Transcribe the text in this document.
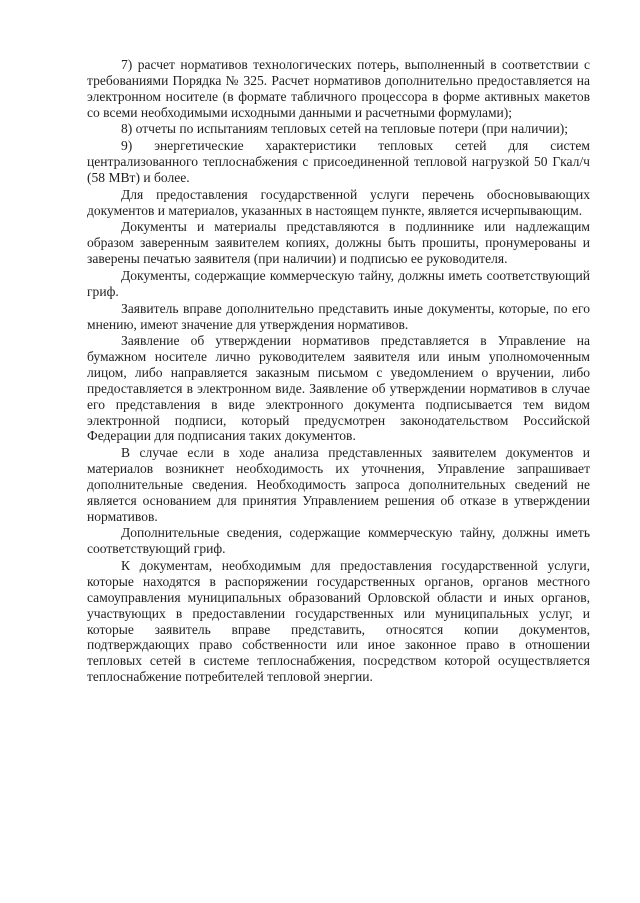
7) расчет нормативов технологических потерь, выполненный в соответствии с требованиями Порядка № 325. Расчет нормативов дополнительно предоставляется на электронном носителе (в формате табличного процессора в форме активных макетов со всеми необходимыми исходными данными и расчетными формулами);

8) отчеты по испытаниям тепловых сетей на тепловые потери (при наличии);

9) энергетические характеристики тепловых сетей для систем централизованного теплоснабжения с присоединенной тепловой нагрузкой 50 Гкал/ч (58 МВт) и более.

Для предоставления государственной услуги перечень обосновывающих документов и материалов, указанных в настоящем пункте, является исчерпывающим.

Документы и материалы представляются в подлиннике или надлежащим образом заверенным заявителем копиях, должны быть прошиты, пронумерованы и заверены печатью заявителя (при наличии) и подписью ее руководителя.

Документы, содержащие коммерческую тайну, должны иметь соответствующий гриф.

Заявитель вправе дополнительно представить иные документы, которые, по его мнению, имеют значение для утверждения нормативов.

Заявление об утверждении нормативов представляется в Управление на бумажном носителе лично руководителем заявителя или иным уполномоченным лицом, либо направляется заказным письмом с уведомлением о вручении, либо предоставляется в электронном виде. Заявление об утверждении нормативов в случае его представления в виде электронного документа подписывается тем видом электронной подписи, который предусмотрен законодательством Российской Федерации для подписания таких документов.

В случае если в ходе анализа представленных заявителем документов и материалов возникнет необходимость их уточнения, Управление запрашивает дополнительные сведения. Необходимость запроса дополнительных сведений не является основанием для принятия Управлением решения об отказе в утверждении нормативов.

Дополнительные сведения, содержащие коммерческую тайну, должны иметь соответствующий гриф.

К документам, необходимым для предоставления государственной услуги, которые находятся в распоряжении государственных органов, органов местного самоуправления муниципальных образований Орловской области и иных органов, участвующих в предоставлении государственных или муниципальных услуг, и которые заявитель вправе представить, относятся копии документов, подтверждающих право собственности или иное законное право в отношении тепловых сетей в системе теплоснабжения, посредством которой осуществляется теплоснабжение потребителей тепловой энергии.
